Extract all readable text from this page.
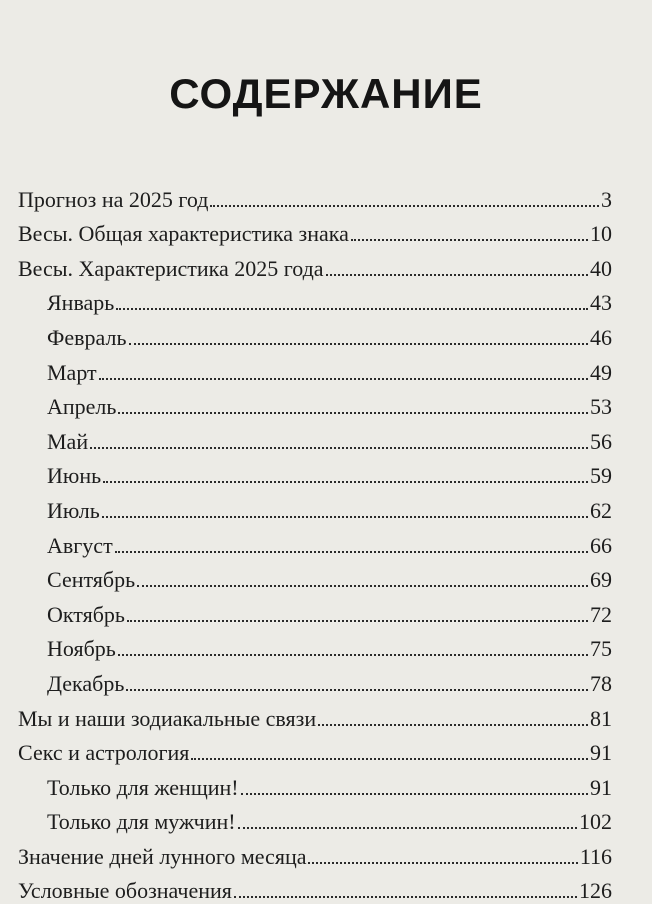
СОДЕРЖАНИЕ
Прогноз на 2025 год	3
Весы. Общая характеристика знака	10
Весы. Характеристика 2025 года	40
Январь	43
Февраль	46
Март	49
Апрель	53
Май	56
Июнь	59
Июль	62
Август	66
Сентябрь	69
Октябрь	72
Ноябрь	75
Декабрь	78
Мы и наши зодиакальные связи	81
Секс и астрология	91
Только для женщин!	91
Только для мужчин!	102
Значение дней лунного месяца	116
Условные обозначения	126
